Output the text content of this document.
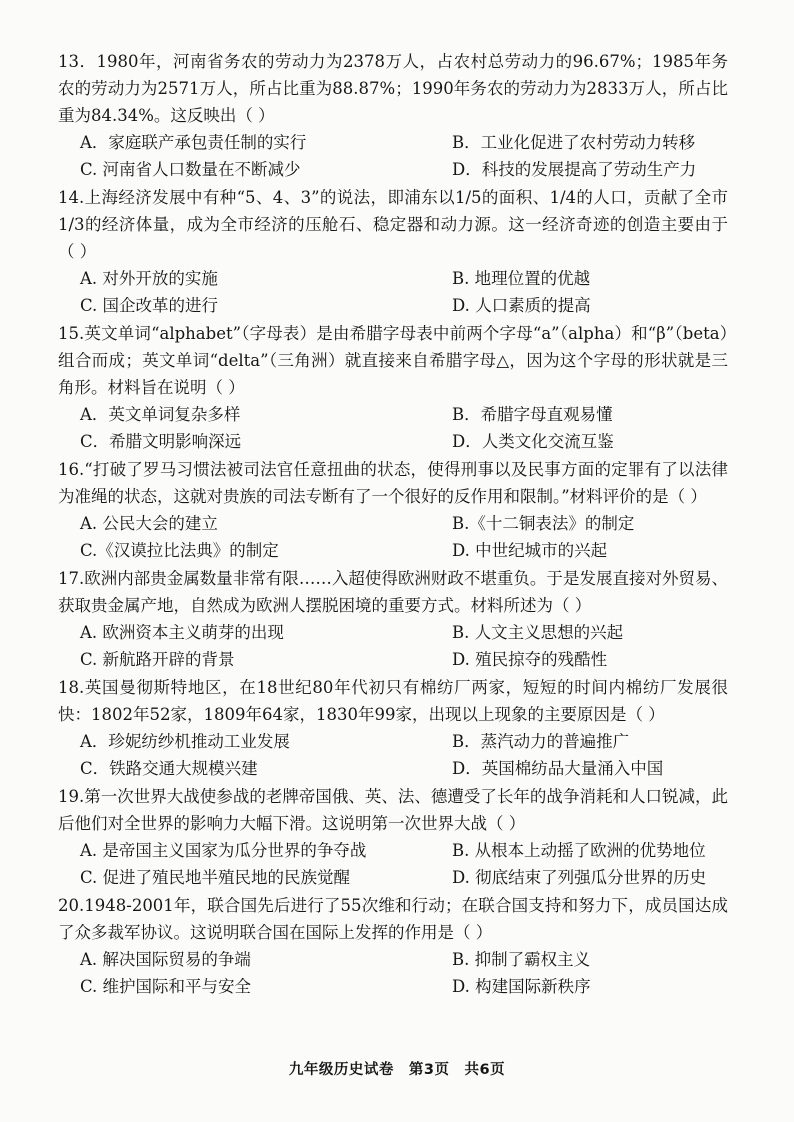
13．1980年，河南省务农的劳动力为2378万人，占农村总劳动力的96.67%；1985年务农的劳动力为2571万人，所占比重为88.87%；1990年务农的劳动力为2833万人，所占比重为84.34%。这反映出（ ）

A．家庭联产承包责任制的实行	B．工业化促进了农村劳动力转移
C. 河南省人口数量在不断减少	D．科技的发展提高了劳动生产力

14.上海经济发展中有种“5、4、3”的说法，即浦东以1/5的面积、1/4的人口，贡献了全市1/3的经济体量，成为全市经济的压舱石、稳定器和动力源。这一经济奇迹的创造主要由于（ ）

A. 对外开放的实施	B. 地理位置的优越
C. 国企改革的进行	D. 人口素质的提高

15.英文单词“alphabet”（字母表）是由希腊字母表中前两个字母“a”（alpha）和“β”（beta）组合而成；英文单词“delta”（三角洲）就直接来自希腊字母△，因为这个字母的形状就是三角形。材料旨在说明（ ）

A．英文单词复杂多样	B．希腊字母直观易懂
C．希腊文明影响深远	D．人类文化交流互鉴

16.“打破了罗马习惯法被司法官任意扭曲的状态，使得刑事以及民事方面的定罪有了以法律为准绳的状态，这就对贵族的司法专断有了一个很好的反作用和限制。”材料评价的是（ ）

A. 公民大会的建立	B.《十二铜表法》的制定
C.《汉谟拉比法典》的制定	D. 中世纪城市的兴起

17.欧洲内部贵金属数量非常有限……入超使得欧洲财政不堪重负。于是发展直接对外贸易、获取贵金属产地，自然成为欧洲人摆脱困境的重要方式。材料所述为（ ）

A. 欧洲资本主义萌芽的出现	B. 人文主义思想的兴起
C. 新航路开辟的背景	D. 殖民掠夺的残酷性

18.英国曼彻斯特地区，在18世纪80年代初只有棉纺厂两家，短短的时间内棉纺厂发展很快：1802年52家，1809年64家，1830年99家，出现以上现象的主要原因是（ ）

A．珍妮纺纱机推动工业发展	B．蒸汽动力的普遍推广
C．铁路交通大规模兴建	D．英国棉纺品大量涌入中国

19.第一次世界大战使参战的老牌帝国俄、英、法、德遭受了长年的战争消耗和人口锐减，此后他们对全世界的影响力大幅下滑。这说明第一次世界大战（ ）

A. 是帝国主义国家为瓜分世界的争夺战	B. 从根本上动摇了欧洲的优势地位
C. 促进了殖民地半殖民地的民族觉醒	D. 彻底结束了列强瓜分世界的历史

20.1948-2001年，联合国先后进行了55次维和行动；在联合国支持和努力下，成员国达成了众多裁军协议。这说明联合国在国际上发挥的作用是（ ）

A. 解决国际贸易的争端	B. 抑制了霸权主义
C. 维护国际和平与安全	D. 构建国际新秩序
九年级历史试卷　第3页　共6页
